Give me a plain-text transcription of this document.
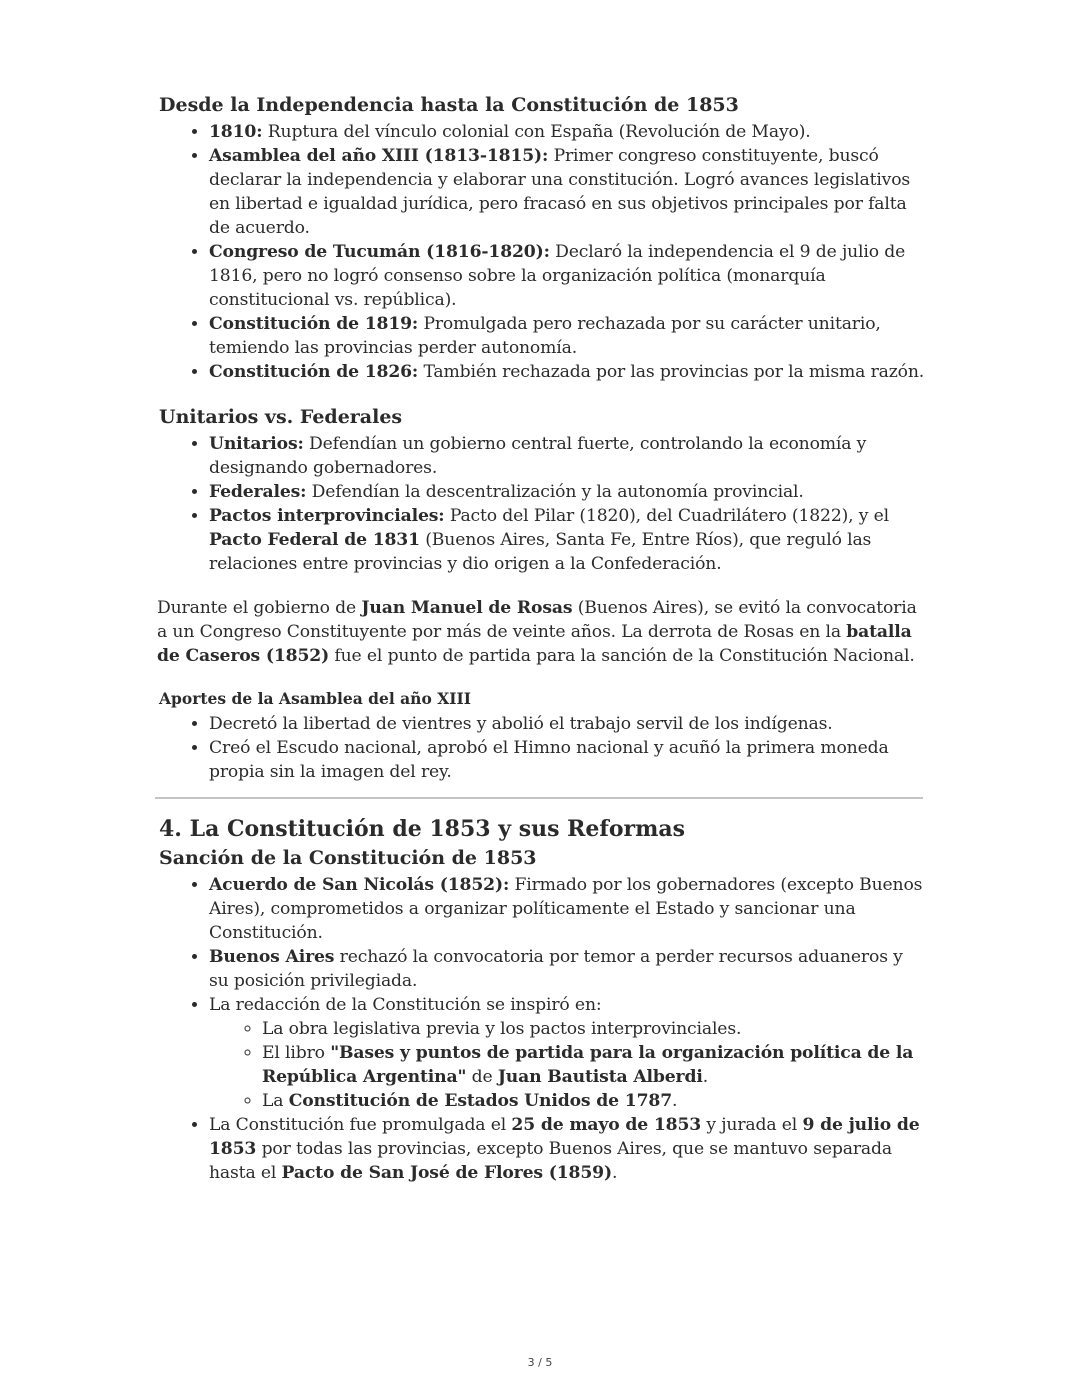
Desde la Independencia hasta la Constitución de 1853
• 1810: Ruptura del vínculo colonial con España (Revolución de Mayo).
• Asamblea del año XIII (1813-1815): Primer congreso constituyente, buscó declarar la independencia y elaborar una constitución. Logró avances legislativos en libertad e igualdad jurídica, pero fracasó en sus objetivos principales por falta de acuerdo.
• Congreso de Tucumán (1816-1820): Declaró la independencia el 9 de julio de 1816, pero no logró consenso sobre la organización política (monarquía constitucional vs. república).
• Constitución de 1819: Promulgada pero rechazada por su carácter unitario, temiendo las provincias perder autonomía.
• Constitución de 1826: También rechazada por las provincias por la misma razón.
Unitarios vs. Federales
• Unitarios: Defendían un gobierno central fuerte, controlando la economía y designando gobernadores.
• Federales: Defendían la descentralización y la autonomía provincial.
• Pactos interprovinciales: Pacto del Pilar (1820), del Cuadrilátero (1822), y el Pacto Federal de 1831 (Buenos Aires, Santa Fe, Entre Ríos), que reguló las relaciones entre provincias y dio origen a la Confederación.

Durante el gobierno de Juan Manuel de Rosas (Buenos Aires), se evitó la convocatoria a un Congreso Constituyente por más de veinte años. La derrota de Rosas en la batalla de Caseros (1852) fue el punto de partida para la sanción de la Constitución Nacional.

Aportes de la Asamblea del año XIII
• Decretó la libertad de vientres y abolió el trabajo servil de los indígenas.
• Creó el Escudo nacional, aprobó el Himno nacional y acuñó la primera moneda propia sin la imagen del rey.
4. La Constitución de 1853 y sus Reformas
Sanción de la Constitución de 1853
• Acuerdo de San Nicolás (1852): Firmado por los gobernadores (excepto Buenos Aires), comprometidos a organizar políticamente el Estado y sancionar una Constitución.
• Buenos Aires rechazó la convocatoria por temor a perder recursos aduaneros y su posición privilegiada.
• La redacción de la Constitución se inspiró en:
◦ La obra legislativa previa y los pactos interprovinciales.
◦ El libro "Bases y puntos de partida para la organización política de la República Argentina" de Juan Bautista Alberdi.
◦ La Constitución de Estados Unidos de 1787.
• La Constitución fue promulgada el 25 de mayo de 1853 y jurada el 9 de julio de 1853 por todas las provincias, excepto Buenos Aires, que se mantuvo separada hasta el Pacto de San José de Flores (1859).
3 / 5
